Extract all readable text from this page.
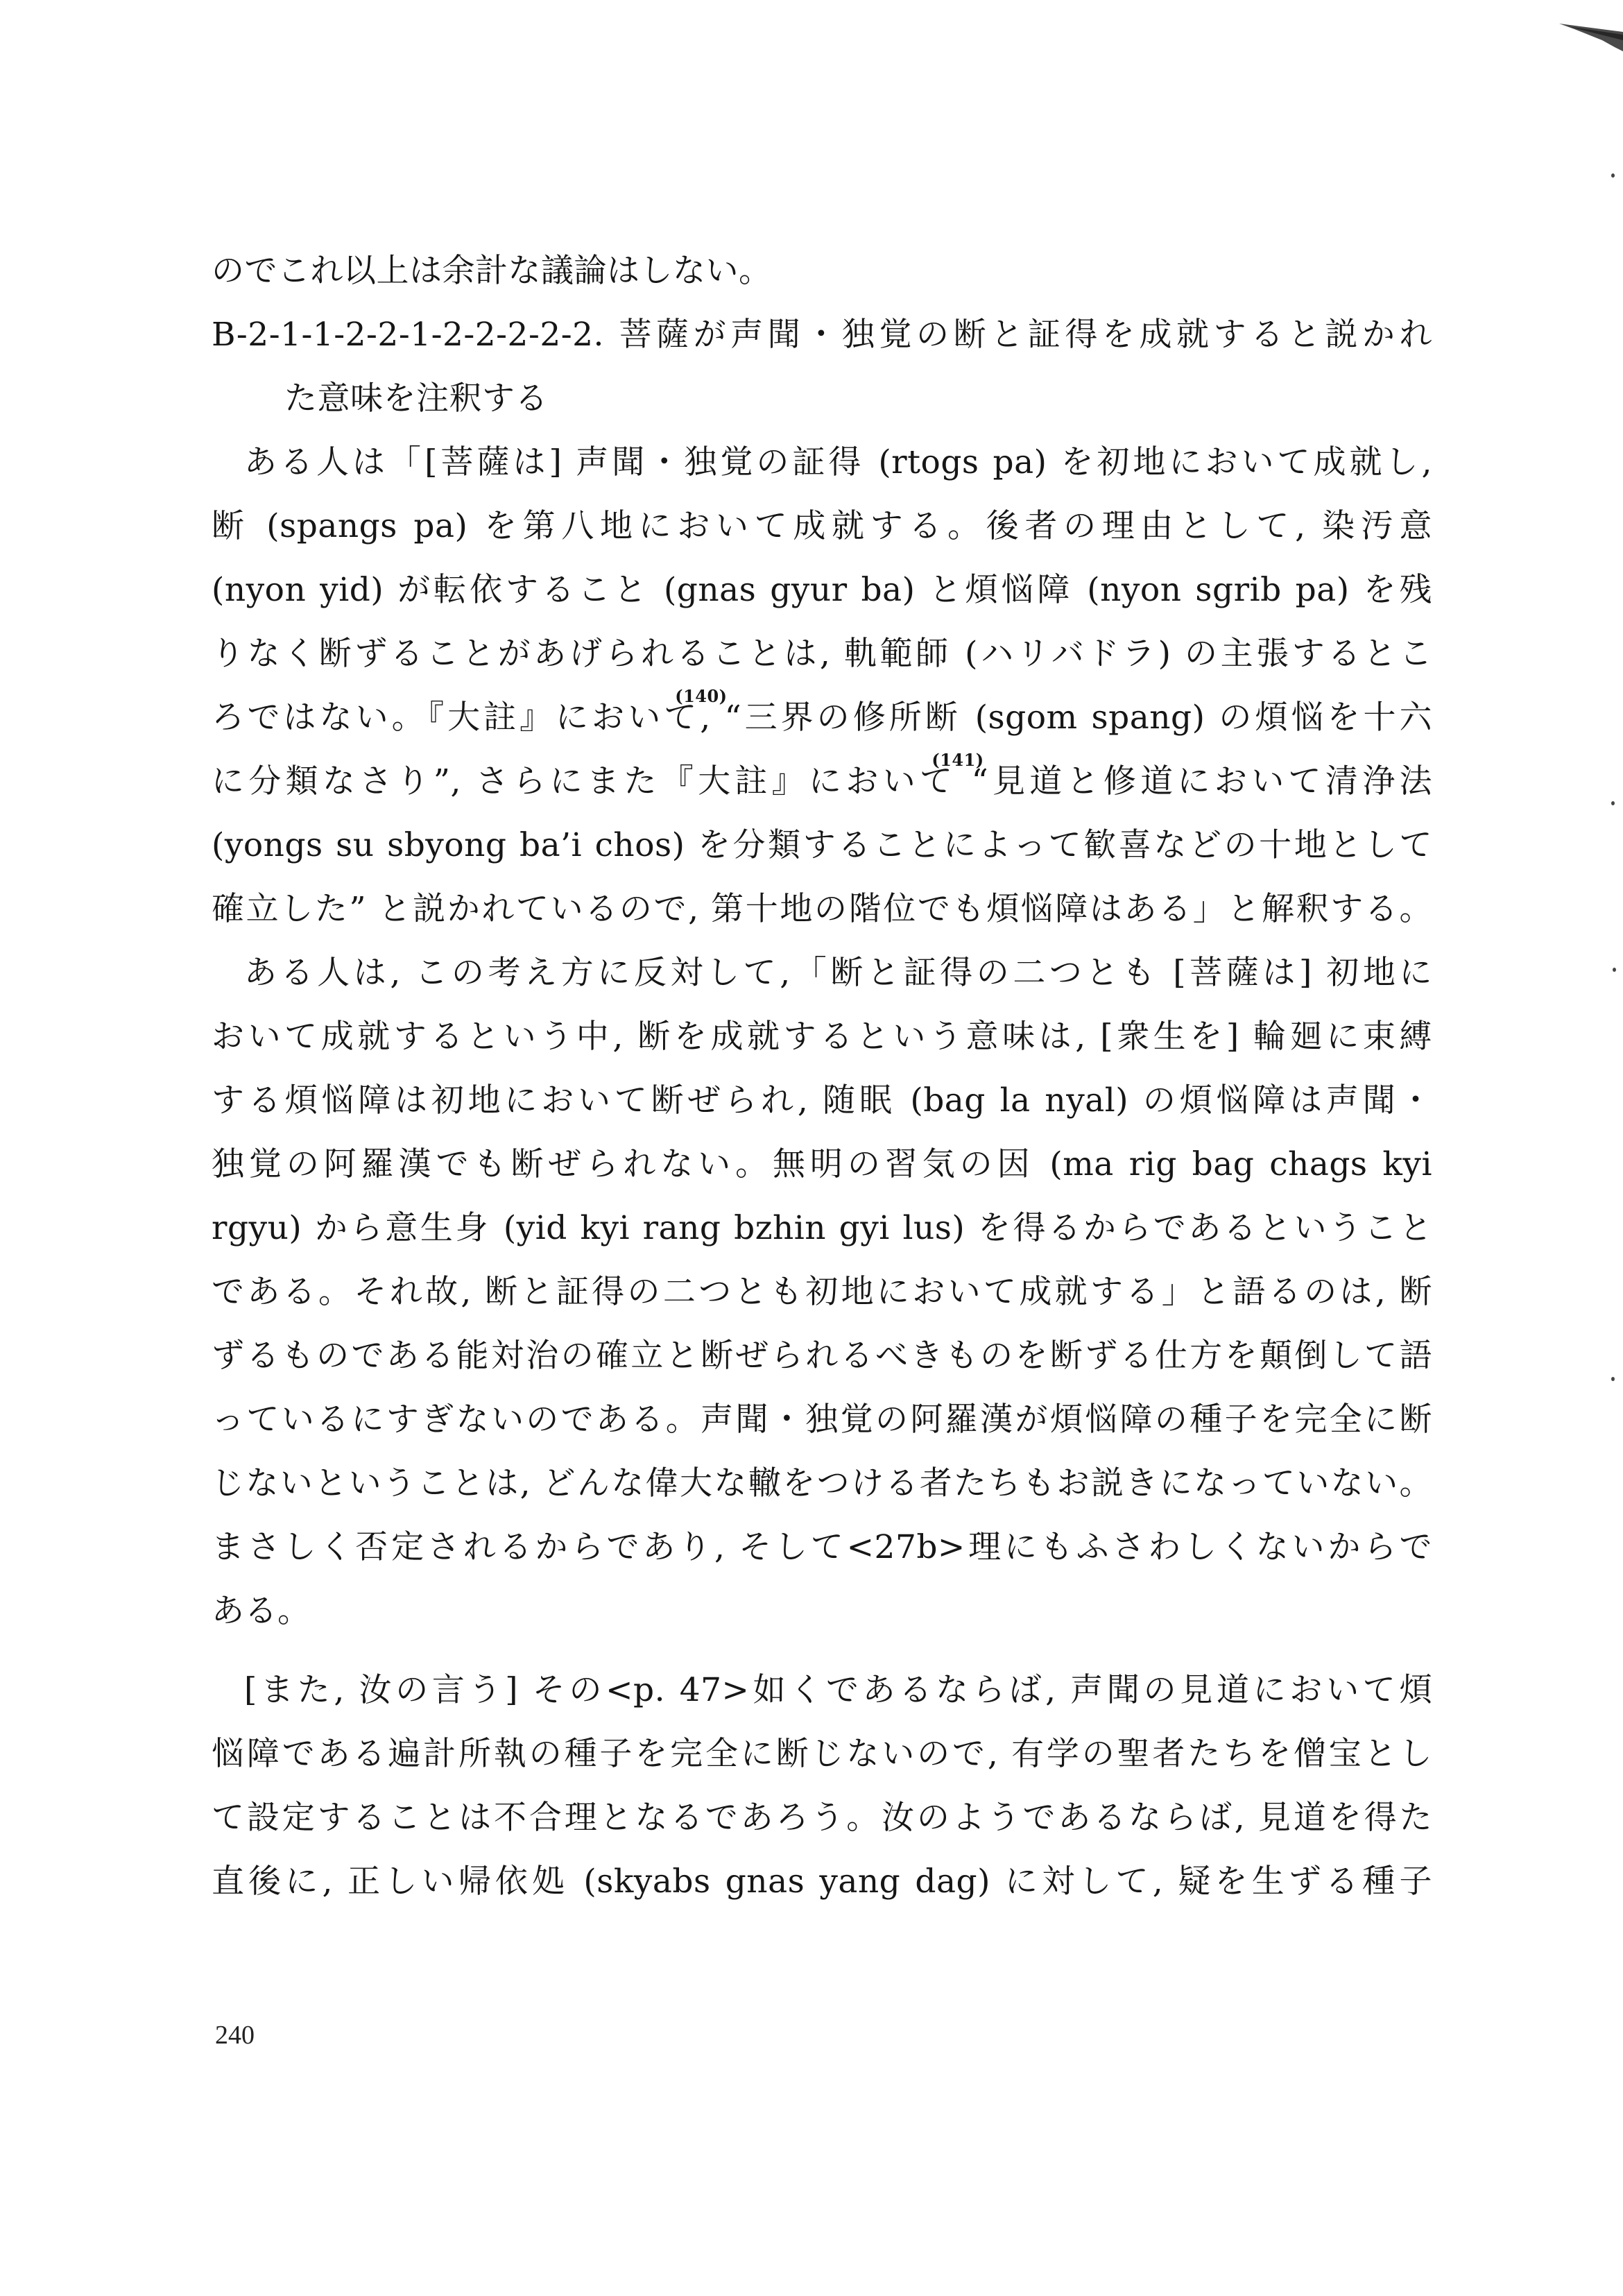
のでこれ以上は余計な議論はしない。
B-2-1-1-2-2-1-2-2-2-2-2. 菩薩が声聞・独覚の断と証得を成就すると説かれ
た意味を注釈する
ある人は「[菩薩は] 声聞・独覚の証得 (rtogs pa) を初地において成就し,
断 (spangs pa) を第八地において成就する。後者の理由として, 染汚意
(nyon yid) が転依すること (gnas gyur ba) と煩悩障 (nyon sgrib pa) を残
りなく断ずることがあげられることは, 軌範師 (ハリバドラ) の主張するとこ
ろではない。『大註』において
(140)
, “三界の修所断 (sgom spang) の煩悩を十六
に分類なさり”, さらにまた『大註』において
(141)
“見道と修道において清浄法
(yongs su sbyong ba’i chos) を分類することによって歓喜などの十地として
確立した” と説かれているので, 第十地の階位でも煩悩障はある」と解釈する。
ある人は, この考え方に反対して,「断と証得の二つとも [菩薩は] 初地に
おいて成就するという中, 断を成就するという意味は, [衆生を] 輪廻に束縛
する煩悩障は初地において断ぜられ, 随眠 (bag la nyal) の煩悩障は声聞・
独覚の阿羅漢でも断ぜられない。無明の習気の因 (ma rig bag chags kyi
rgyu) から意生身 (yid kyi rang bzhin gyi lus) を得るからであるということ
である。それ故, 断と証得の二つとも初地において成就する」と語るのは, 断
ずるものである能対治の確立と断ぜられるべきものを断ずる仕方を顛倒して語
っているにすぎないのである。声聞・独覚の阿羅漢が煩悩障の種子を完全に断
じないということは, どんな偉大な轍をつける者たちもお説きになっていない。
まさしく否定されるからであり, そして<27b>理にもふさわしくないからで
ある。
[また, 汝の言う] その<p. 47>如くであるならば, 声聞の見道において煩
悩障である遍計所執の種子を完全に断じないので, 有学の聖者たちを僧宝とし
て設定することは不合理となるであろう。汝のようであるならば, 見道を得た
直後に, 正しい帰依処 (skyabs gnas yang dag) に対して, 疑を生ずる種子
240
